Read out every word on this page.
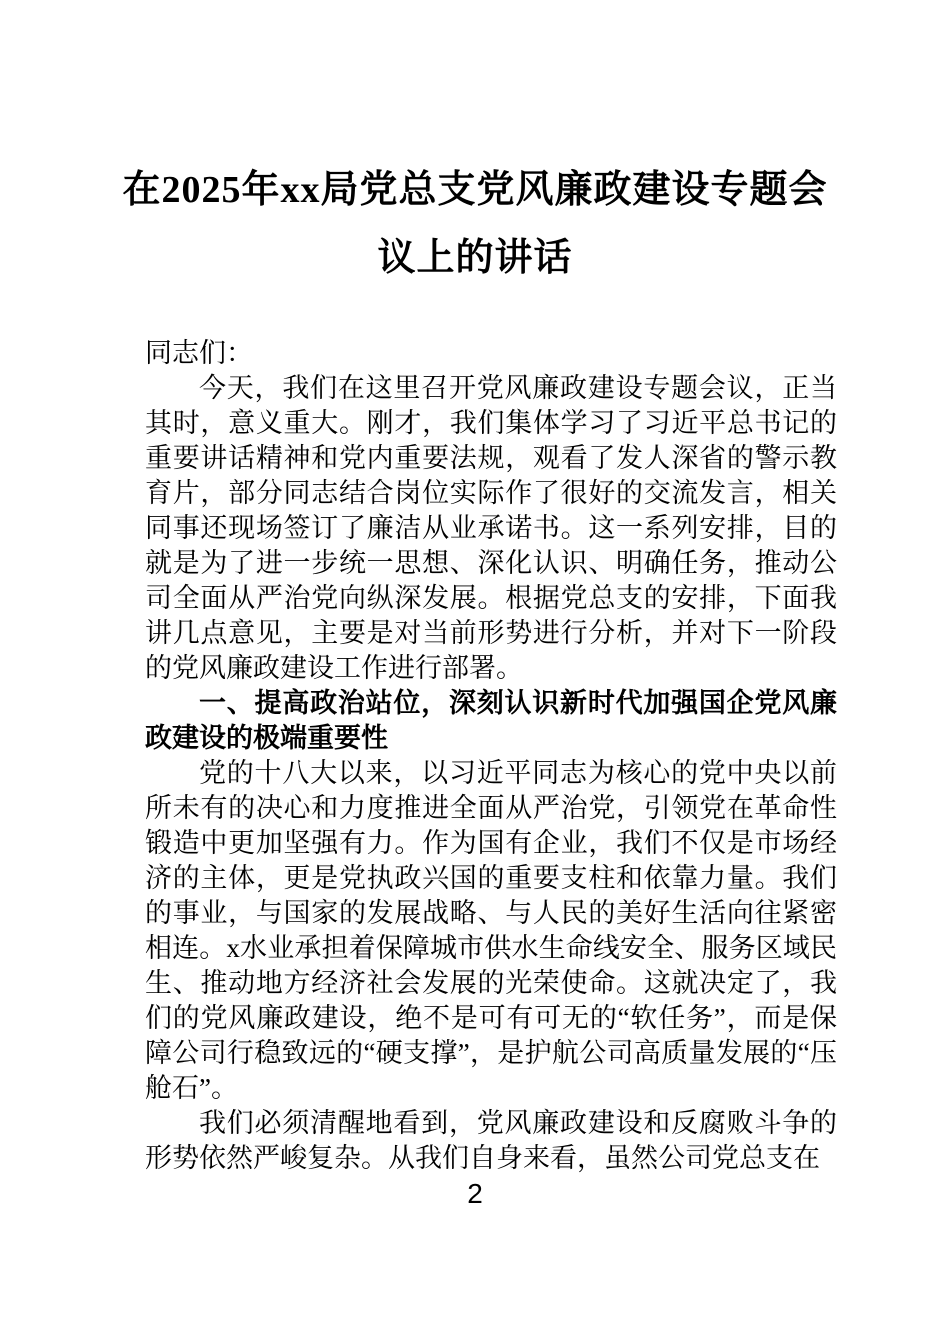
在2025年xx局党总支党风廉政建设专题会
议上的讲话

同志们：

今天，我们在这里召开党风廉政建设专题会议，正当其时，意义重大。刚才，我们集体学习了习近平总书记的重要讲话精神和党内重要法规，观看了发人深省的警示教育片，部分同志结合岗位实际作了很好的交流发言，相关同事还现场签订了廉洁从业承诺书。这一系列安排，目的就是为了进一步统一思想、深化认识、明确任务，推动公司全面从严治党向纵深发展。根据党总支的安排，下面我讲几点意见，主要是对当前形势进行分析，并对下一阶段的党风廉政建设工作进行部署。

一、提高政治站位，深刻认识新时代加强国企党风廉政建设的极端重要性

党的十八大以来，以习近平同志为核心的党中央以前所未有的决心和力度推进全面从严治党，引领党在革命性锻造中更加坚强有力。作为国有企业，我们不仅是市场经济的主体，更是党执政兴国的重要支柱和依靠力量。我们的事业，与国家的发展战略、与人民的美好生活向往紧密相连。x水业承担着保障城市供水生命线安全、服务区域民生、推动地方经济社会发展的光荣使命。这就决定了，我们的党风廉政建设，绝不是可有可无的“软任务”，而是保障公司行稳致远的“硬支撑”，是护航公司高质量发展的“压舱石”。

我们必须清醒地看到，党风廉政建设和反腐败斗争的形势依然严峻复杂。从我们自身来看，虽然公司党总支在

2
